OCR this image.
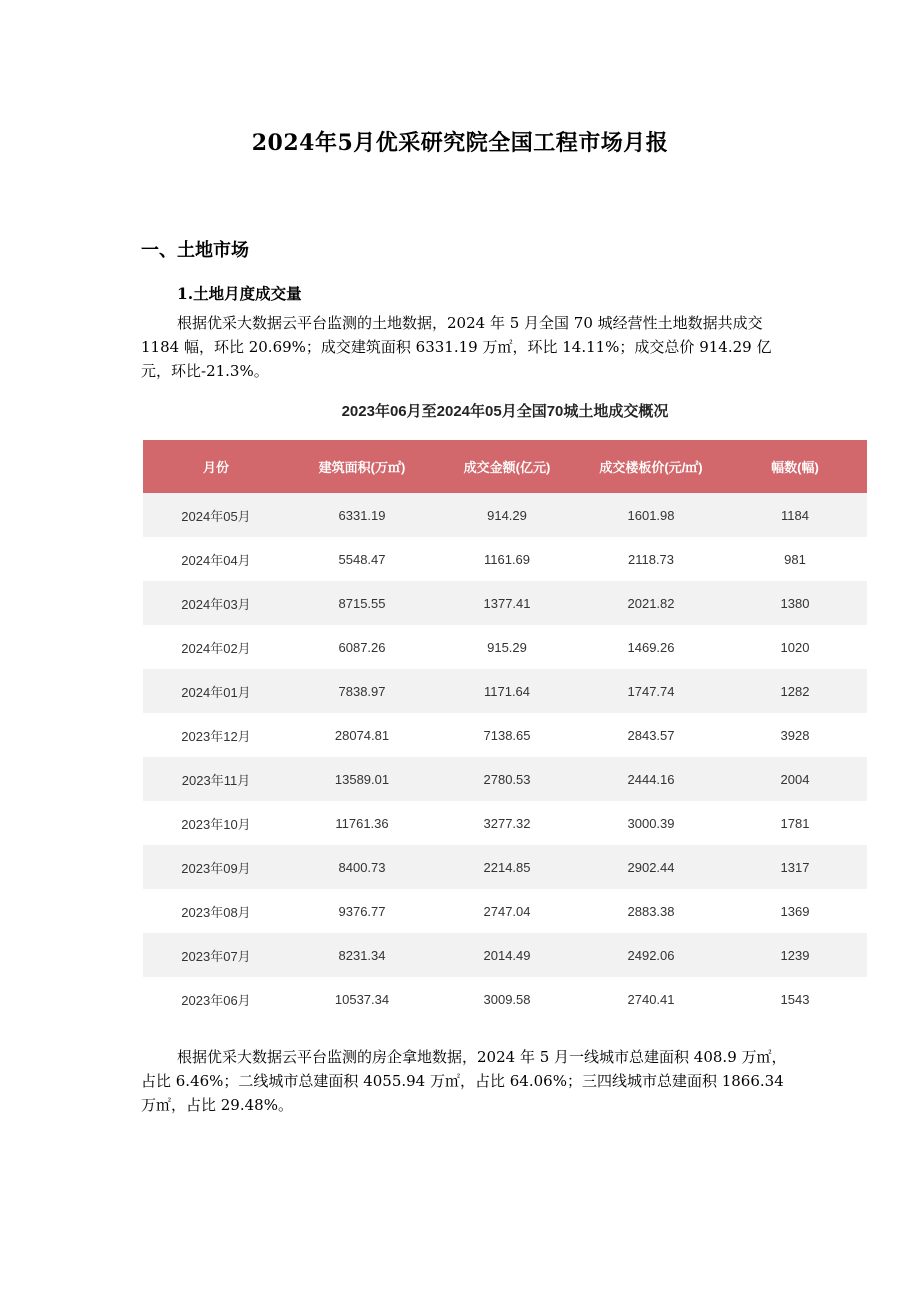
2024年5月优采研究院全国工程市场月报
一、土地市场
1.土地月度成交量

根据优采大数据云平台监测的土地数据，2024 年 5 月全国 70 城经营性土地数据共成交 1184 幅，环比 20.69%；成交建筑面积 6331.19 万㎡，环比 14.11%；成交总价 914.29 亿元，环比-21.3%。

2023年06月至2024年05月全国70城土地成交概况
月份	建筑面积(万㎡)	成交金额(亿元)	成交楼板价(元/㎡)	幅数(幅)
2024年05月	6331.19	914.29	1601.98	1184
2024年04月	5548.47	1161.69	2118.73	981
2024年03月	8715.55	1377.41	2021.82	1380
2024年02月	6087.26	915.29	1469.26	1020
2024年01月	7838.97	1171.64	1747.74	1282
2023年12月	28074.81	7138.65	2843.57	3928
2023年11月	13589.01	2780.53	2444.16	2004
2023年10月	11761.36	3277.32	3000.39	1781
2023年09月	8400.73	2214.85	2902.44	1317
2023年08月	9376.77	2747.04	2883.38	1369
2023年07月	8231.34	2014.49	2492.06	1239
2023年06月	10537.34	3009.58	2740.41	1543

根据优采大数据云平台监测的房企拿地数据，2024 年 5 月一线城市总建面积 408.9 万㎡，占比 6.46%；二线城市总建面积 4055.94 万㎡，占比 64.06%；三四线城市总建面积 1866.34 万㎡，占比 29.48%。
